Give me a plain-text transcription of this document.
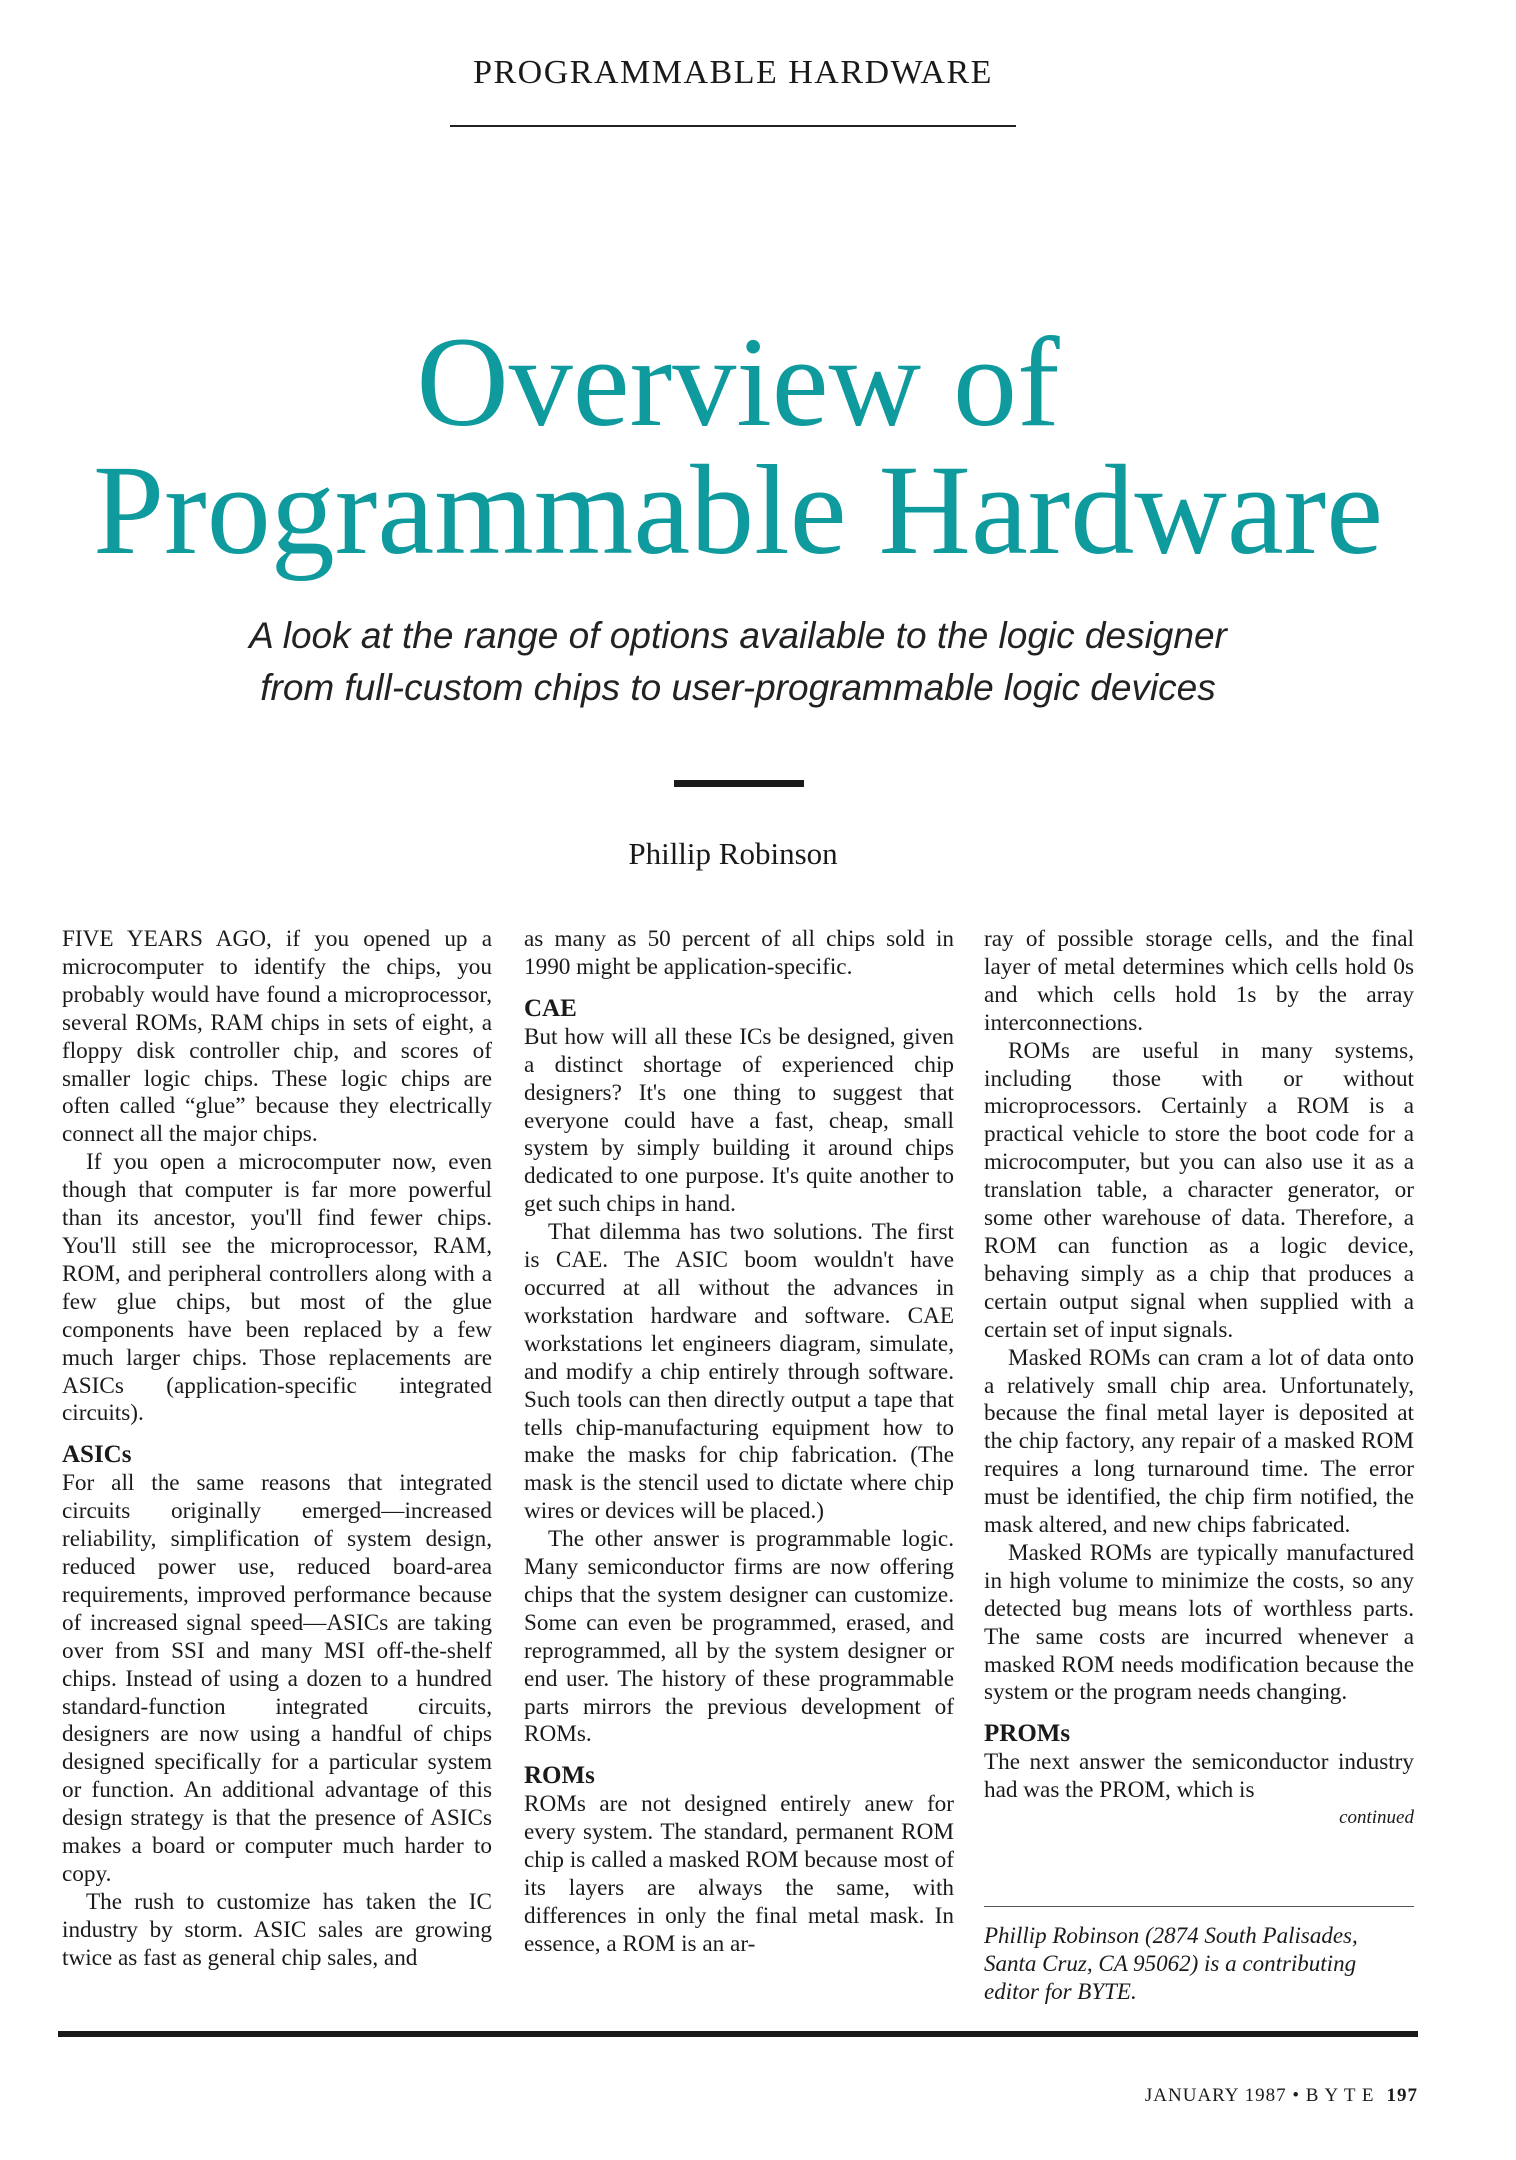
PROGRAMMABLE HARDWARE
Overview of
Programmable Hardware
A look at the range of options available to the logic designer
from full-custom chips to user-programmable logic devices
Phillip Robinson

FIVE YEARS AGO, if you opened up a microcomputer to identify the chips, you probably would have found a microprocessor, several ROMs, RAM chips in sets of eight, a floppy disk controller chip, and scores of smaller logic chips. These logic chips are often called “glue” because they electrically connect all the major chips.

If you open a microcomputer now, even though that computer is far more powerful than its ancestor, you'll find fewer chips. You'll still see the microprocessor, RAM, ROM, and peripheral controllers along with a few glue chips, but most of the glue components have been replaced by a few much larger chips. Those replacements are ASICs (application-specific integrated circuits).

ASICs

For all the same reasons that integrated circuits originally emerged—increased reliability, simplification of system design, reduced power use, reduced board-area requirements, improved performance because of increased signal speed—ASICs are taking over from SSI and many MSI off-the-shelf chips. Instead of using a dozen to a hundred standard-function integrated circuits, designers are now using a handful of chips designed specifically for a particular system or function. An additional advantage of this design strategy is that the presence of ASICs makes a board or computer much harder to copy.

The rush to customize has taken the IC industry by storm. ASIC sales are growing twice as fast as general chip sales, and

as many as 50 percent of all chips sold in 1990 might be application-specific.

CAE

But how will all these ICs be designed, given a distinct shortage of experienced chip designers? It's one thing to suggest that everyone could have a fast, cheap, small system by simply building it around chips dedicated to one purpose. It's quite another to get such chips in hand.

That dilemma has two solutions. The first is CAE. The ASIC boom wouldn't have occurred at all without the advances in workstation hardware and software. CAE workstations let engineers diagram, simulate, and modify a chip entirely through software. Such tools can then directly output a tape that tells chip-manufacturing equipment how to make the masks for chip fabrication. (The mask is the stencil used to dictate where chip wires or devices will be placed.)

The other answer is programmable logic. Many semiconductor firms are now offering chips that the system designer can customize. Some can even be programmed, erased, and reprogrammed, all by the system designer or end user. The history of these programmable parts mirrors the previous development of ROMs.

ROMs

ROMs are not designed entirely anew for every system. The standard, permanent ROM chip is called a masked ROM because most of its layers are always the same, with differences in only the final metal mask. In essence, a ROM is an ar-

ray of possible storage cells, and the final layer of metal determines which cells hold 0s and which cells hold 1s by the array interconnections.

ROMs are useful in many systems, including those with or without microprocessors. Certainly a ROM is a practical vehicle to store the boot code for a microcomputer, but you can also use it as a translation table, a character generator, or some other warehouse of data. Therefore, a ROM can function as a logic device, behaving simply as a chip that produces a certain output signal when supplied with a certain set of input signals.

Masked ROMs can cram a lot of data onto a relatively small chip area. Unfortunately, because the final metal layer is deposited at the chip factory, any repair of a masked ROM requires a long turnaround time. The error must be identified, the chip firm notified, the mask altered, and new chips fabricated.

Masked ROMs are typically manufactured in high volume to minimize the costs, so any detected bug means lots of worthless parts. The same costs are incurred whenever a masked ROM needs modification because the system or the program needs changing.

PROMs

The next answer the semiconductor industry had was the PROM, which is

continued
Phillip Robinson (2874 South Palisades, Santa Cruz, CA 95062) is a contributing editor for BYTE.
JANUARY 1987 • B Y T E 197
